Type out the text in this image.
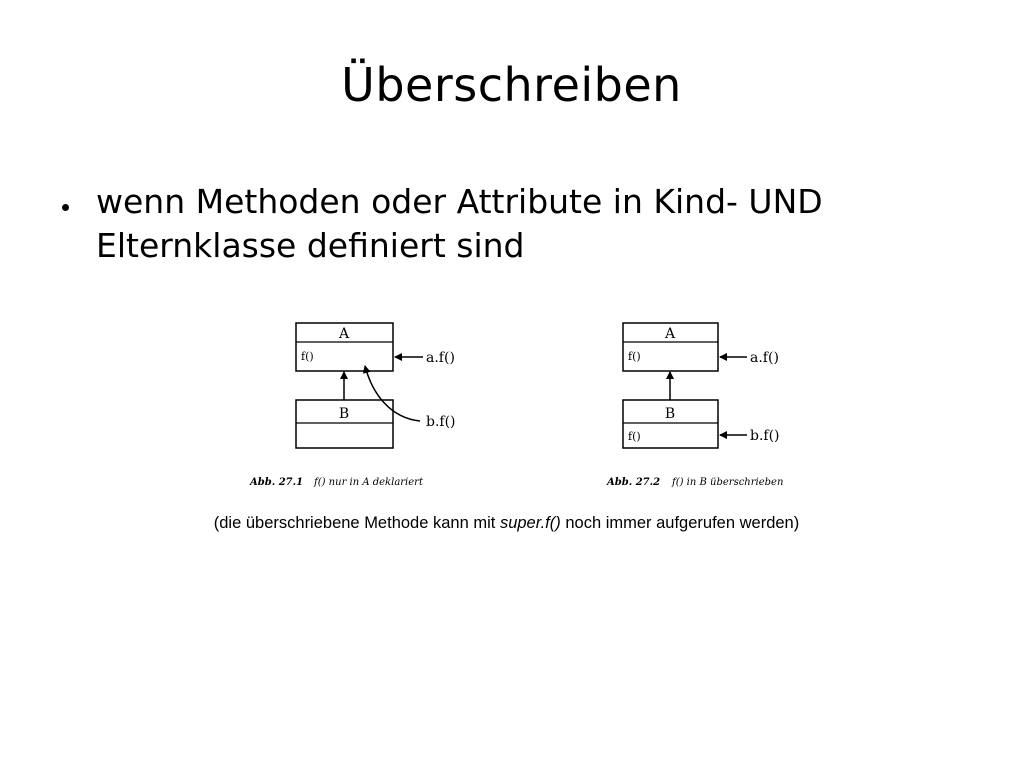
Überschreiben
wenn Methoden oder Attribute in Kind- UND Elternklasse definiert sind
A
f()
B
a.f()
b.f()
Abb. 27.1 f() nur in A deklariert
A
f()
B
f()
a.f()
b.f()
Abb. 27.2 f() in B überschrieben
(die überschriebene Methode kann mit super.f() noch immer aufgerufen werden)
